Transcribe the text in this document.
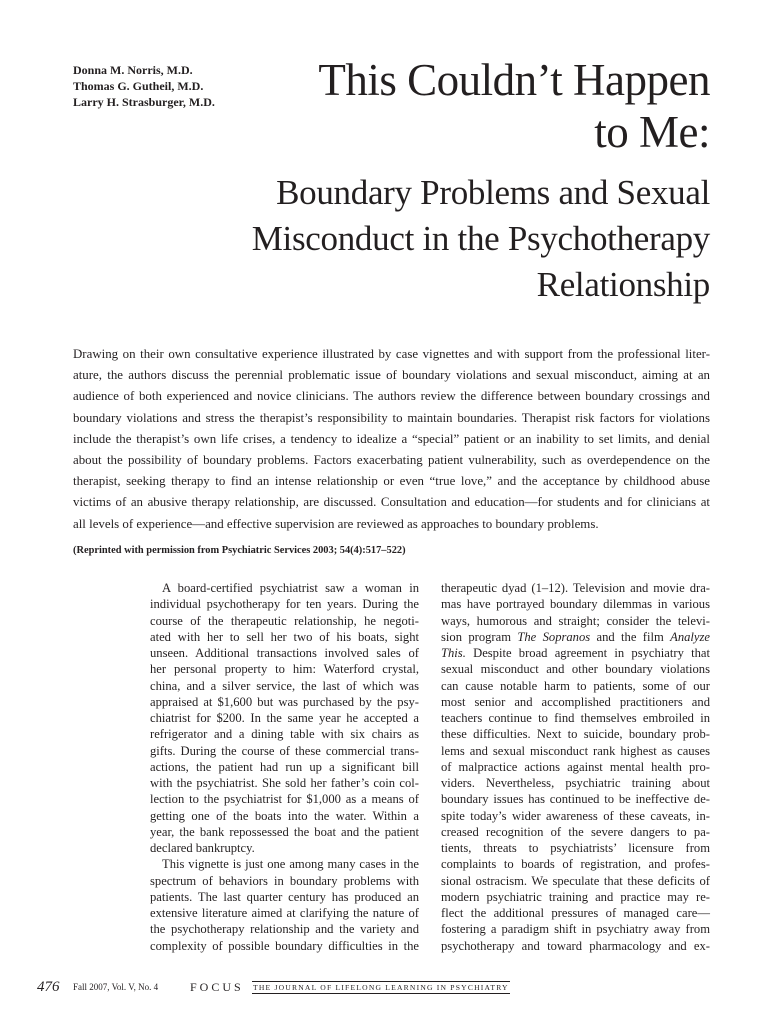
Donna M. Norris, M.D.
Thomas G. Gutheil, M.D.
Larry H. Strasburger, M.D.	This Couldn’t Happen
to Me:
Boundary Problems and Sexual
Misconduct in the Psychotherapy
Relationship
Drawing on their own consultative experience illustrated by case vignettes and with support from the professional liter-
ature, the authors discuss the perennial problematic issue of boundary violations and sexual misconduct, aiming at an
audience of both experienced and novice clinicians. The authors review the difference between boundary crossings and
boundary violations and stress the therapist’s responsibility to maintain boundaries. Therapist risk factors for violations
include the therapist’s own life crises, a tendency to idealize a “special” patient or an inability to set limits, and denial
about the possibility of boundary problems. Factors exacerbating patient vulnerability, such as overdependence on the
therapist, seeking therapy to find an intense relationship or even “true love,” and the acceptance by childhood abuse
victims of an abusive therapy relationship, are discussed. Consultation and education—for students and for clinicians at
all levels of experience—and effective supervision are reviewed as approaches to boundary problems.
(Reprinted with permission from Psychiatric Services 2003; 54(4):517–522)
A board-certified psychiatrist saw a woman in
individual psychotherapy for ten years. During the
course of the therapeutic relationship, he negoti-
ated with her to sell her two of his boats, sight
unseen. Additional transactions involved sales of
her personal property to him: Waterford crystal,
china, and a silver service, the last of which was
appraised at $1,600 but was purchased by the psy-
chiatrist for $200. In the same year he accepted a
refrigerator and a dining table with six chairs as
gifts. During the course of these commercial trans-
actions, the patient had run up a significant bill
with the psychiatrist. She sold her father’s coin col-
lection to the psychiatrist for $1,000 as a means of
getting one of the boats into the water. Within a
year, the bank repossessed the boat and the patient
declared bankruptcy.
This vignette is just one among many cases in the
spectrum of behaviors in boundary problems with
patients. The last quarter century has produced an
extensive literature aimed at clarifying the nature of
the psychotherapy relationship and the variety and
complexity of possible boundary difficulties in the
therapeutic dyad (1–12). Television and movie dra-
mas have portrayed boundary dilemmas in various
ways, humorous and straight; consider the televi-
sion program The Sopranos and the film Analyze
This. Despite broad agreement in psychiatry that
sexual misconduct and other boundary violations
can cause notable harm to patients, some of our
most senior and accomplished practitioners and
teachers continue to find themselves embroiled in
these difficulties. Next to suicide, boundary prob-
lems and sexual misconduct rank highest as causes
of malpractice actions against mental health pro-
viders. Nevertheless, psychiatric training about
boundary issues has continued to be ineffective de-
spite today’s wider awareness of these caveats, in-
creased recognition of the severe dangers to pa-
tients, threats to psychiatrists’ licensure from
complaints to boards of registration, and profes-
sional ostracism. We speculate that these deficits of
modern psychiatric training and practice may re-
flect the additional pressures of managed care—
fostering a paradigm shift in psychiatry away from
psychotherapy and toward pharmacology and ex-
476 Fall 2007, Vol. V, No. 4	FOCUS THE JOURNAL OF LIFELONG LEARNING IN PSYCHIATRY
